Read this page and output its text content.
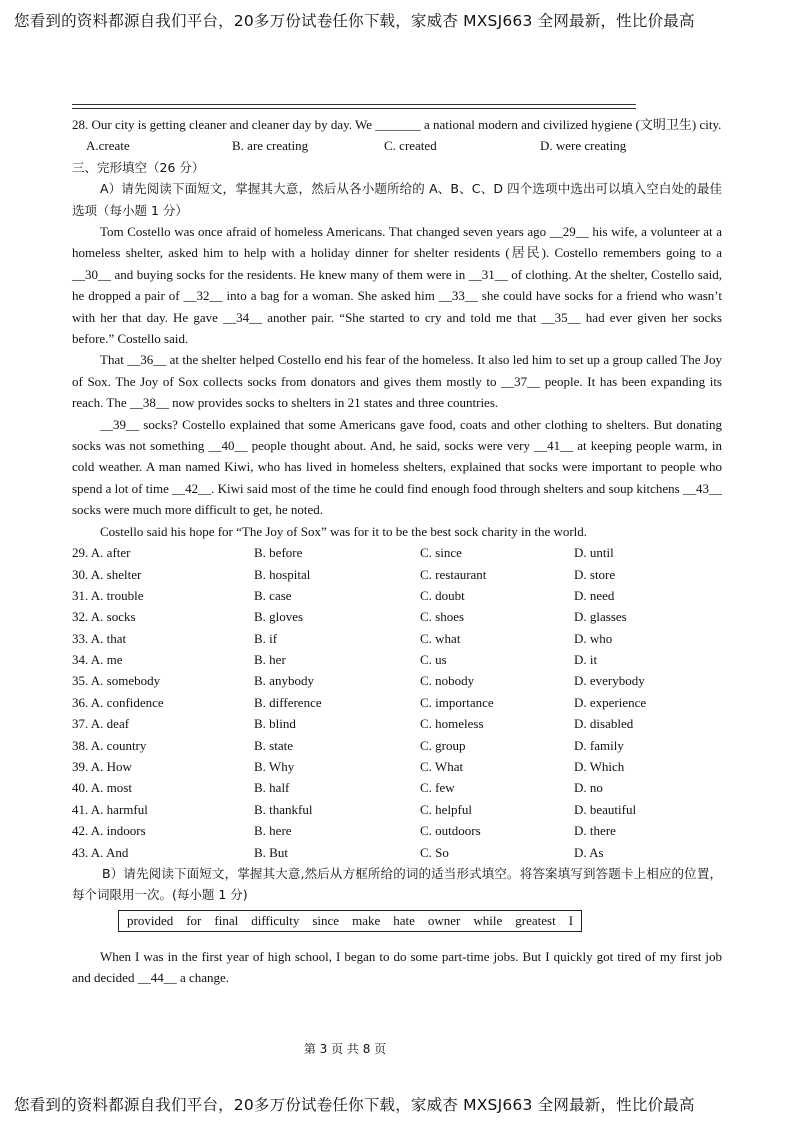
您看到的资料都源自我们平台，20多万份试卷任你下载，家威杏 MXSJ663 全网最新，性比价最高

28. Our city is getting cleaner and cleaner day by day. We _______ a national modern and civilized hygiene (文明卫生) city.

A.create	B. are creating	C. created	D. were creating

三、完形填空（26 分）

A）请先阅读下面短文，掌握其大意，然后从各小题所给的 A、B、C、D 四个选项中选出可以填入空白处的最佳选项（每小题 1 分）

Tom Costello was once afraid of homeless Americans. That changed seven years ago __29__ his wife, a volunteer at a homeless shelter, asked him to help with a holiday dinner for shelter residents (居民). Costello remembers going to a __30__ and buying socks for the residents. He knew many of them were in __31__ of clothing. At the shelter, Costello said, he dropped a pair of __32__ into a bag for a woman. She asked him __33__ she could have socks for a friend who wasn’t with her that day. He gave __34__ another pair. “She started to cry and told me that __35__ had ever given her socks before.” Costello said.

That __36__ at the shelter helped Costello end his fear of the homeless. It also led him to set up a group called The Joy of Sox. The Joy of Sox collects socks from donators and gives them mostly to __37__ people. It has been expanding its reach. The __38__ now provides socks to shelters in 21 states and three countries.

__39__ socks? Costello explained that some Americans gave food, coats and other clothing to shelters. But donating socks was not something __40__ people thought about. And, he said, socks were very __41__ at keeping people warm, in cold weather. A man named Kiwi, who has lived in homeless shelters, explained that socks were important to people who spend a lot of time __42__. Kiwi said most of the time he could find enough food through shelters and soup kitchens __43__ socks were much more difficult to get, he noted.

Costello said his hope for “The Joy of Sox” was for it to be the best sock charity in the world.

29. A. after	B. before	C. since	D. until
30. A. shelter	B. hospital	C. restaurant	D. store
31. A. trouble	B. case	C. doubt	D. need
32. A. socks	B. gloves	C. shoes	D. glasses
33. A. that	B. if	C. what	D. who
34. A. me	B. her	C. us	D. it
35. A. somebody	B. anybody	C. nobody	D. everybody
36. A. confidence	B. difference	C. importance	D. experience
37. A. deaf	B. blind	C. homeless	D. disabled
38. A. country	B. state	C. group	D. family
39. A. How	B. Why	C. What	D. Which
40. A. most	B. half	C. few	D. no
41. A. harmful	B. thankful	C. helpful	D. beautiful
42. A. indoors	B. here	C. outdoors	D. there
43. A. And	B. But	C. So	D. As

B）请先阅读下面短文，掌握其大意,然后从方框所给的词的适当形式填空。将答案填写到答题卡上相应的位置，每个词限用一次。(每小题 1 分)

provided for final difficulty since make hate owner while greatest I

When I was in the first year of high school, I began to do some part-time jobs. But I quickly got tired of my first job and decided __44__ a change.

第 3 页 共 8 页
您看到的资料都源自我们平台，20多万份试卷任你下载，家威杏 MXSJ663 全网最新，性比价最高
